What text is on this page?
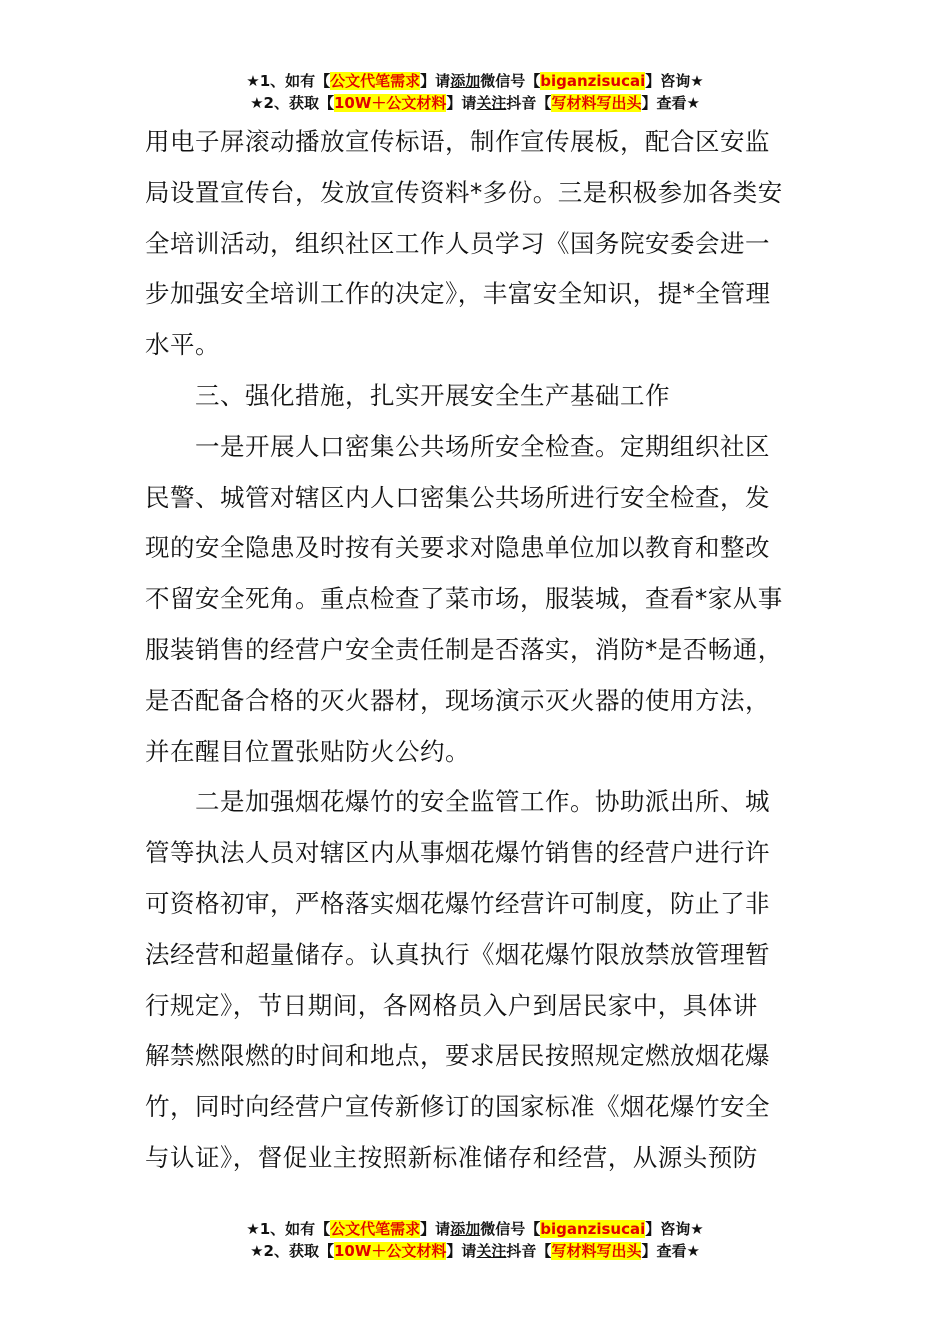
★1、如有【公文代笔需求】请添加微信号【biganzisucai】咨询★
★2、获取【10W＋公文材料】请关注抖音【写材料写出头】查看★
用电子屏滚动播放宣传标语，制作宣传展板，配合区安监
局设置宣传台，发放宣传资料*多份。三是积极参加各类安
全培训活动，组织社区工作人员学习《国务院安委会进一
步加强安全培训工作的决定》，丰富安全知识，提*全管理
水平。
三、强化措施，扎实开展安全生产基础工作
一是开展人口密集公共场所安全检查。定期组织社区
民警、城管对辖区内人口密集公共场所进行安全检查，发
现的安全隐患及时按有关要求对隐患单位加以教育和整改
不留安全死角。重点检查了菜市场，服装城，查看*家从事
服装销售的经营户安全责任制是否落实，消防*是否畅通，
是否配备合格的灭火器材，现场演示灭火器的使用方法，
并在醒目位置张贴防火公约。
二是加强烟花爆竹的安全监管工作。协助派出所、城
管等执法人员对辖区内从事烟花爆竹销售的经营户进行许
可资格初审，严格落实烟花爆竹经营许可制度，防止了非
法经营和超量储存。认真执行《烟花爆竹限放禁放管理暂
行规定》，节日期间，各网格员入户到居民家中，具体讲
解禁燃限燃的时间和地点，要求居民按照规定燃放烟花爆
竹，同时向经营户宣传新修订的国家标准《烟花爆竹安全
与认证》，督促业主按照新标准储存和经营，从源头预防
★1、如有【公文代笔需求】请添加微信号【biganzisucai】咨询★
★2、获取【10W＋公文材料】请关注抖音【写材料写出头】查看★
